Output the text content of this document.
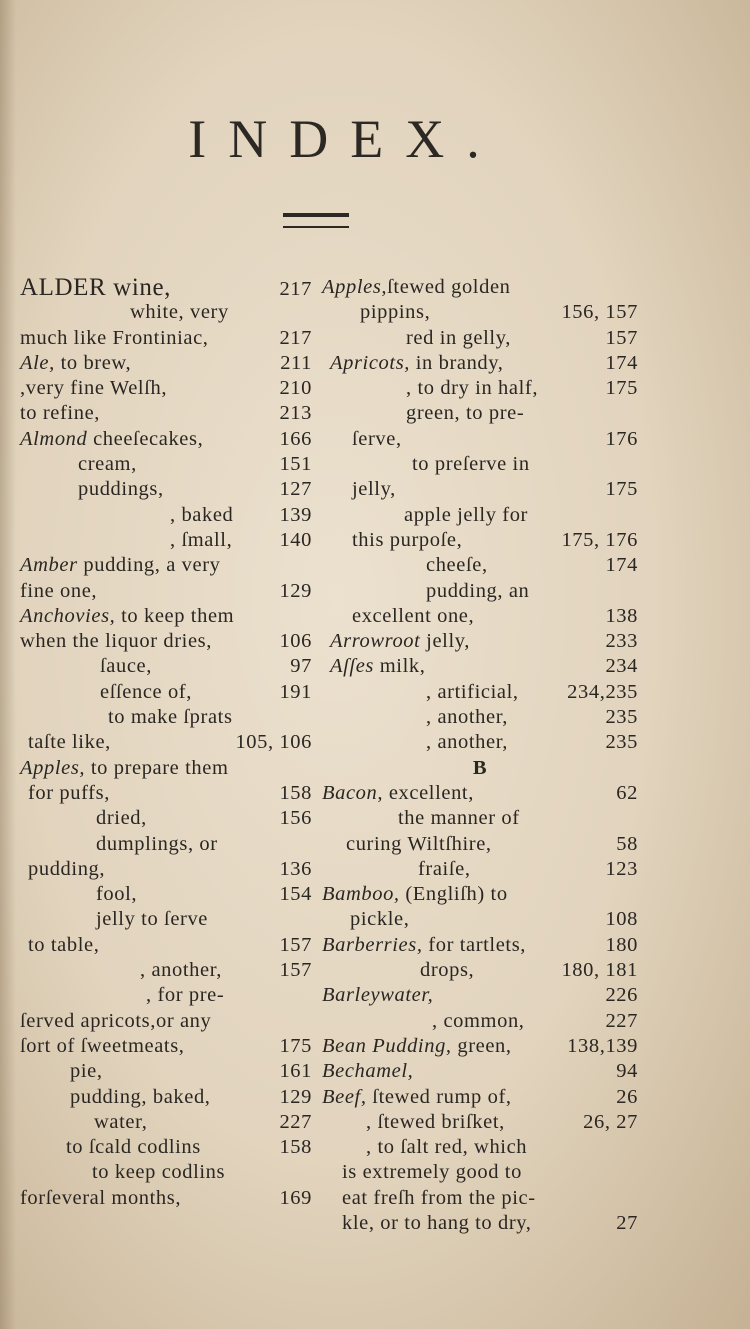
INDEX.
ALDER wine,	217
white, very
much like Frontiniac,	217
Ale, to brew,	211
,very fine Welſh,	210
to refine,	213
Almond cheeſecakes,	166
cream,	151
puddings,	127
, baked 139
, ſmall, 140
Amber pudding, a very
fine one,	129
Anchovies, to keep them
when the liquor dries,	106
ſauce,	97
eſſence of,	191
to make ſprats
taſte like,	105, 106
Apples, to prepare them
for puffs,	158
dried,	156
dumplings, or
pudding,	136
fool,	154
jelly to ſerve
to table,	157
, another,	157
, for pre-
ſerved apricots,or any
ſort of ſweetmeats,	175
pie,	161
pudding, baked,	129
water,	227
to ſcald codlins	158
to keep codlins
forſeveral months,	169
Apples,ſtewed golden
pippins,	156, 157
red in gelly,	157
Apricots, in brandy,	174
, to dry in half,	175
green, to pre-
ſerve,	176
to preſerve in
jelly,	175
apple jelly for
this purpoſe,	175, 176
cheeſe,	174
pudding, an
excellent one,	138
Arrowroot jelly,	233
Aſſes milk,	234
, artificial, 234,235
, another,	235
, another,	235
B
Bacon, excellent,	62
the manner of
curing Wiltſhire,	58
fraiſe,	123
Bamboo, (Engliſh) to
pickle,	108
Barberries, for tartlets,	180
drops,	180, 181
Barleywater,	226
, common,	227
Bean Pudding, green,	138,139
Bechamel,	94
Beef, ſtewed rump of,	26
, ſtewed briſket,	26, 27
, to ſalt red, which
is extremely good to
eat freſh from the pic-
kle, or to hang to dry,	27
